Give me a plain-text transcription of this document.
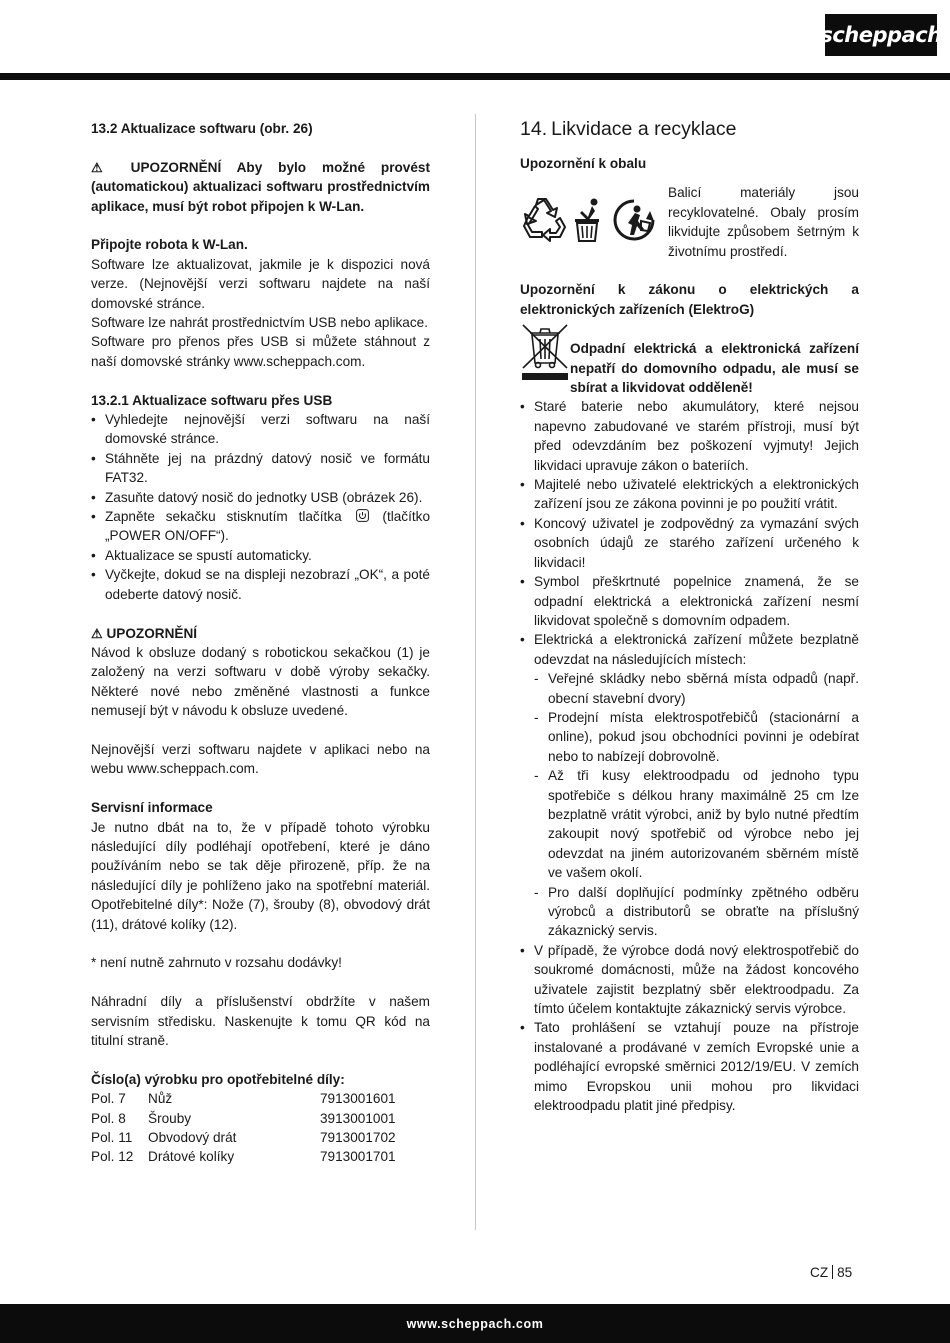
scheppach

13.2 Aktualizace softwaru (obr. 26)

⚠ UPOZORNĚNÍ Aby bylo možné provést (automatickou) aktualizaci softwaru prostřednictvím aplikace, musí být robot připojen k W-Lan.

Připojte robota k W-Lan.

Software lze aktualizovat, jakmile je k dispozici nová verze. (Nejnovější verzi softwaru najdete na naší domovské stránce.

Software lze nahrát prostřednictvím USB nebo aplikace.

Software pro přenos přes USB si můžete stáhnout z naší domovské stránky www.scheppach.com.

13.2.1 Aktualizace softwaru přes USB

• Vyhledejte nejnovější verzi softwaru na naší domovské stránce.
• Stáhněte jej na prázdný datový nosič ve formátu FAT32.
• Zasuňte datový nosič do jednotky USB (obrázek 26).
• Zapněte sekačku stisknutím tlačítka	(tlačítko „POWER ON/OFF“).
• Aktualizace se spustí automaticky.
• Vyčkejte, dokud se na displeji nezobrazí „OK“, a poté odeberte datový nosič.

⚠ UPOZORNĚNÍ

Návod k obsluze dodaný s robotickou sekačkou (1) je založený na verzi softwaru v době výroby sekačky. Některé nové nebo změněné vlastnosti a funkce nemusejí být v návodu k obsluze uvedené.

Nejnovější verzi softwaru najdete v aplikaci nebo na webu www.scheppach.com.

Servisní informace

Je nutno dbát na to, že v případě tohoto výrobku následující díly podléhají opotřebení, které je dáno používáním nebo se tak děje přirozeně, příp. že na následující díly je pohlíženo jako na spotřební materiál. Opotřebitelné díly*: Nože (7), šrouby (8), obvodový drát (11), drátové kolíky (12).

* není nutně zahrnuto v rozsahu dodávky!

Náhradní díly a příslušenství obdržíte v našem servisním středisku. Naskenujte k tomu QR kód na titulní straně.

Číslo(a) výrobku pro opotřebitelné díly:

Pol. 7	Nůž	7913001601
Pol. 8	Šrouby	3913001001
Pol. 11	Obvodový drát	7913001702
Pol. 12	Drátové kolíky	7913001701
14. Likvidace a recyklace

Upozornění k obalu

Balicí materiály jsou recyklovatelné. Obaly prosím likvidujte způsobem šetrným k životnímu prostředí.

Upozornění k zákonu o elektrických a elektronických zařízeních (ElektroG)

Odpadní elektrická a elektronická zařízení nepatří do domovního odpadu, ale musí se sbírat a likvidovat odděleně!

• Staré baterie nebo akumulátory, které nejsou napevno zabudované ve starém přístroji, musí být před odevzdáním bez poškození vyjmuty! Jejich likvidaci upravuje zákon o bateriích.
• Majitelé nebo uživatelé elektrických a elektronických zařízení jsou ze zákona povinni je po použití vrátit.
• Koncový uživatel je zodpovědný za vymazání svých osobních údajů ze starého zařízení určeného k likvidaci!
• Symbol přeškrtnuté popelnice znamená, že se odpadní elektrická a elektronická zařízení nesmí likvidovat společně s domovním odpadem.
• Elektrická a elektronická zařízení můžete bezplatně odevzdat na následujících místech:
- Veřejné skládky nebo sběrná místa odpadů (např. obecní stavební dvory)
- Prodejní místa elektrospotřebičů (stacionární a online), pokud jsou obchodníci povinni je odebírat nebo to nabízejí dobrovolně.
- Až tři kusy elektroodpadu od jednoho typu spotřebiče s délkou hrany maximálně 25 cm lze bezplatně vrátit výrobci, aniž by bylo nutné předtím zakoupit nový spotřebič od výrobce nebo jej odevzdat na jiném autorizovaném sběrném místě ve vašem okolí.
- Pro další doplňující podmínky zpětného odběru výrobců a distributorů se obraťte na příslušný zákaznický servis.
• V případě, že výrobce dodá nový elektrospotřebič do soukromé domácnosti, může na žádost koncového uživatele zajistit bezplatný sběr elektroodpadu. Za tímto účelem kontaktujte zákaznický servis výrobce.
• Tato prohlášení se vztahují pouze na přístroje instalované a prodávané v zemích Evropské unie a podléhající evropské směrnici 2012/19/EU. V zemích mimo Evropskou unii mohou pro likvidaci elektroodpadu platit jiné předpisy.
CZ 85
www.scheppach.com
